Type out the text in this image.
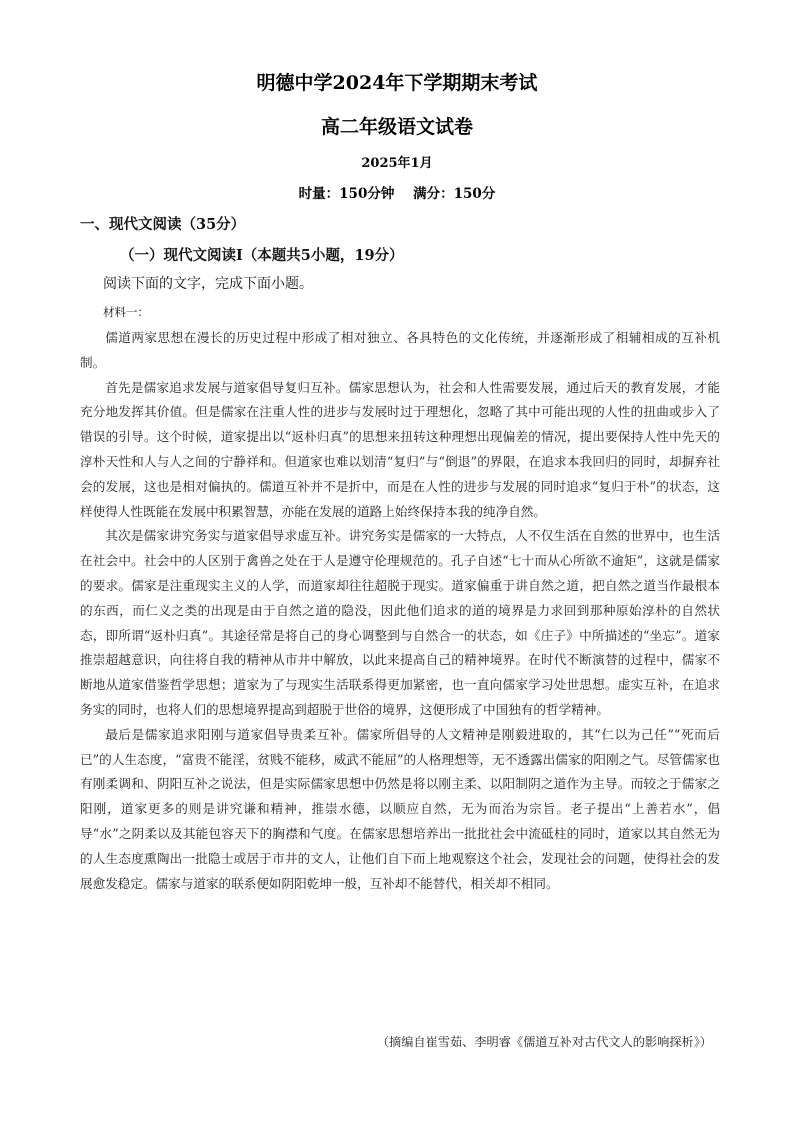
明德中学2024年下学期期末考试
高二年级语文试卷
2025年1月
时量：150分钟    满分：150分
一、现代文阅读（35分）
（一）现代文阅读Ⅰ（本题共5小题，19分）
阅读下面的文字，完成下面小题。
材料一：

儒道两家思想在漫长的历史过程中形成了相对独立、各具特色的文化传统，并逐渐形成了相辅相成的互补机制。

首先是儒家追求发展与道家倡导复归互补。儒家思想认为，社会和人性需要发展，通过后天的教育发展，才能充分地发挥其价值。但是儒家在注重人性的进步与发展时过于理想化，忽略了其中可能出现的人性的扭曲或步入了错误的引导。这个时候，道家提出以“返朴归真”的思想来扭转这种理想出现偏差的情况，提出要保持人性中先天的淳朴天性和人与人之间的宁静祥和。但道家也难以划清“复归”与“倒退”的界限，在追求本我回归的同时，却摒弃社会的发展，这也是相对偏执的。儒道互补并不是折中，而是在人性的进步与发展的同时追求“复归于朴”的状态，这样使得人性既能在发展中积累智慧，亦能在发展的道路上始终保持本我的纯净自然。

其次是儒家讲究务实与道家倡导求虚互补。讲究务实是儒家的一大特点，人不仅生活在自然的世界中，也生活在社会中。社会中的人区别于禽兽之处在于人是遵守伦理规范的。孔子自述“七十而从心所欲不逾矩”，这就是儒家的要求。儒家是注重现实主义的人学，而道家却往往超脱于现实。道家偏重于讲自然之道，把自然之道当作最根本的东西，而仁义之类的出现是由于自然之道的隐没，因此他们追求的道的境界是力求回到那种原始淳朴的自然状态，即所谓“返朴归真”。其途径常是将自己的身心调整到与自然合一的状态，如《庄子》中所描述的“坐忘”。道家推崇超越意识，向往将自我的精神从市井中解放，以此来提高自己的精神境界。在时代不断演替的过程中，儒家不断地从道家借鉴哲学思想；道家为了与现实生活联系得更加紧密，也一直向儒家学习处世思想。虚实互补，在追求务实的同时，也将人们的思想境界提高到超脱于世俗的境界，这便形成了中国独有的哲学精神。

最后是儒家追求阳刚与道家倡导贵柔互补。儒家所倡导的人文精神是刚毅进取的，其“仁以为己任”“死而后已”的人生态度，“富贵不能淫，贫贱不能移，威武不能屈”的人格理想等，无不透露出儒家的阳刚之气。尽管儒家也有刚柔调和、阴阳互补之说法，但是实际儒家思想中仍然是将以刚主柔、以阳制阴之道作为主导。而较之于儒家之阳刚，道家更多的则是讲究谦和精神，推崇水德，以顺应自然，无为而治为宗旨。老子提出“上善若水”，倡导“水”之阴柔以及其能包容天下的胸襟和气度。在儒家思想培养出一批批社会中流砥柱的同时，道家以其自然无为的人生态度熏陶出一批隐士或居于市井的文人，让他们自下而上地观察这个社会，发现社会的问题，使得社会的发展愈发稳定。儒家与道家的联系便如阴阳乾坤一般，互补却不能替代，相关却不相同。

（摘编自崔雪茹、李明睿《儒道互补对古代文人的影响探析》）
